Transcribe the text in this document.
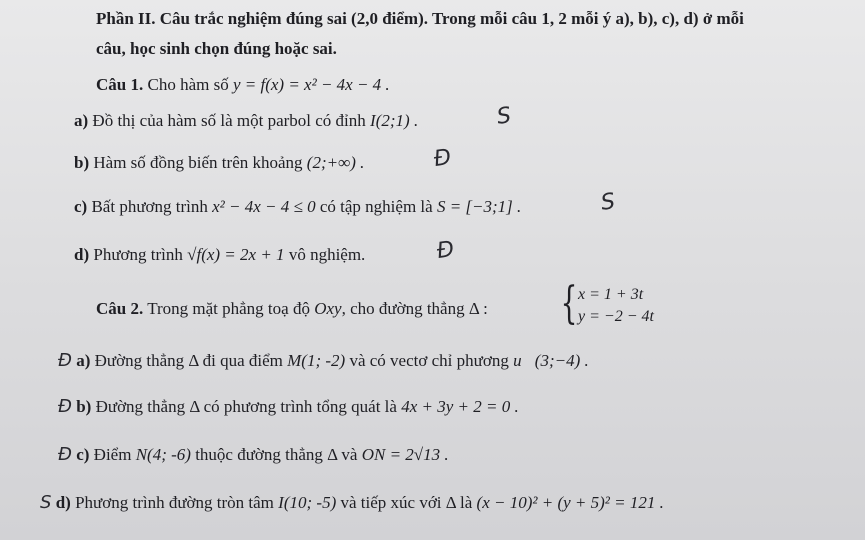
Phần II. Câu trắc nghiệm đúng sai (2,0 điểm). Trong mỗi câu 1, 2 mỗi ý a), b), c), d) ở mỗi
câu, học sinh chọn đúng hoặc sai.
Câu 1. Cho hàm số y = f(x) = x² − 4x − 4 .
a) Đồ thị của hàm số là một parbol có đỉnh I(2;1) .	S
b) Hàm số đồng biến trên khoảng (2;+∞) .	Đ
c) Bất phương trình x² − 4x − 4 ≤ 0 có tập nghiệm là S = [−3;1] .	S
d) Phương trình √f(x) = 2x + 1 vô nghiệm.	Đ
Câu 2. Trong mặt phẳng toạ độ Oxy, cho đường thẳng Δ : { x = 1 + 3t
y = −2 − 4t
Đ a) Đường thẳng Δ đi qua điểm M(1; -2) và có vectơ chỉ phương u⃗(3;−4) .
Đ b) Đường thẳng Δ có phương trình tổng quát là 4x + 3y + 2 = 0 .
Đ c) Điểm N(4; -6) thuộc đường thẳng Δ và ON = 2√13 .
S d) Phương trình đường tròn tâm I(10; -5) và tiếp xúc với Δ là (x − 10)² + (y + 5)² = 121 .
